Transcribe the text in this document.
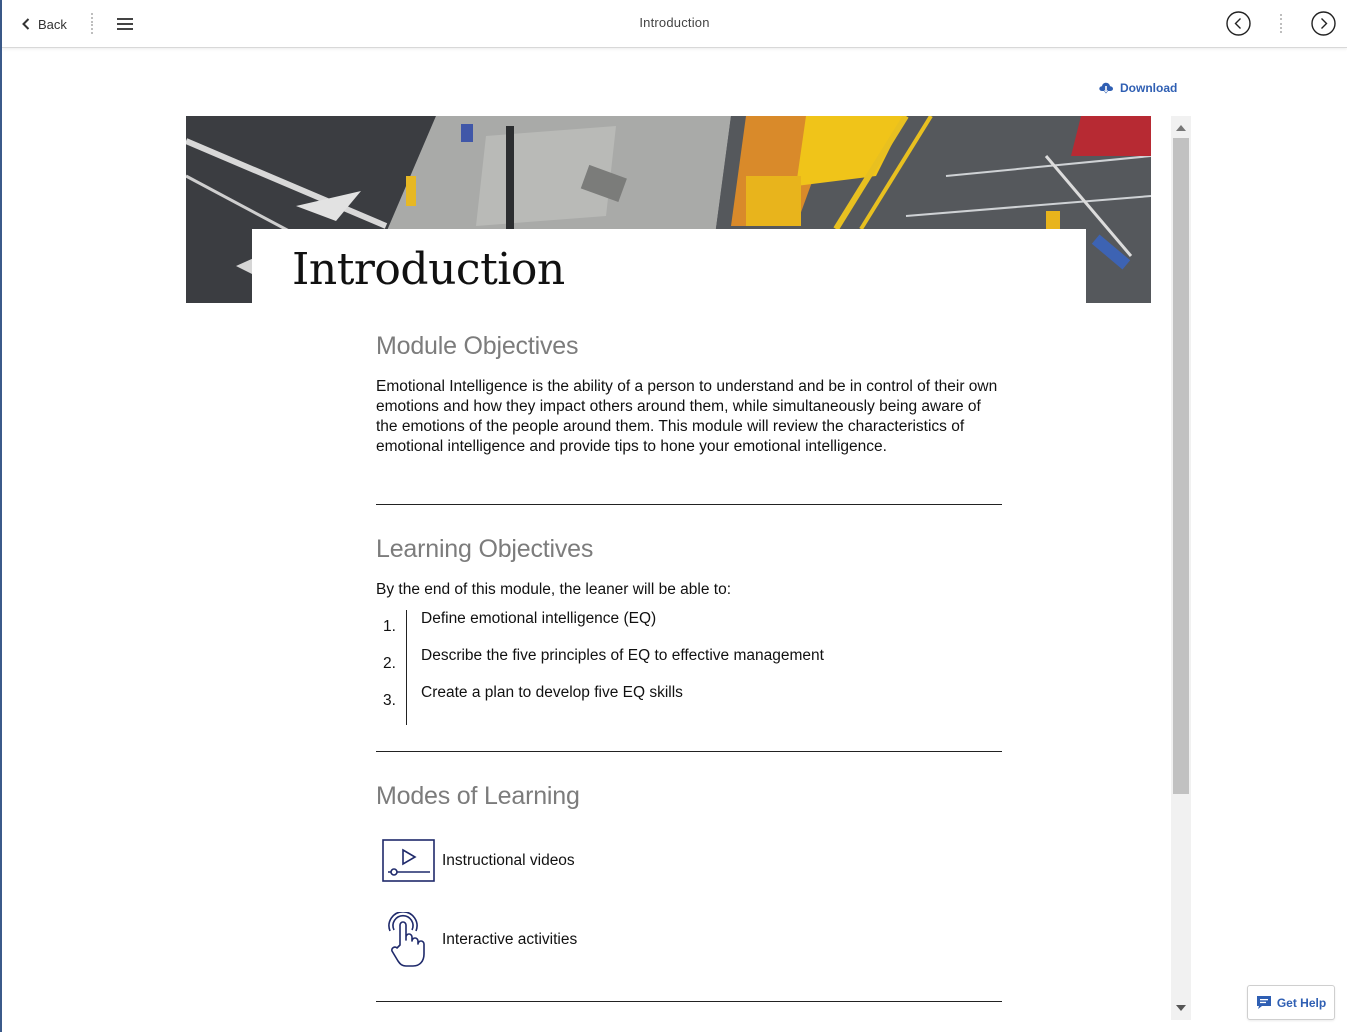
Back	Introduction
Download
Introduction
Module Objectives

Emotional Intelligence is the ability of a person to understand and be in control of their own emotions and how they impact others around them, while simultaneously being aware of the emotions of the people around them. This module will review the characteristics of emotional intelligence and provide tips to hone your emotional intelligence.

Learning Objectives

By the end of this module, the leaner will be able to:

1. Define emotional intelligence (EQ)
2. Describe the five principles of EQ to effective management
3. Create a plan to develop five EQ skills
Modes of Learning
Instructional videos
Interactive activities
Get Help
